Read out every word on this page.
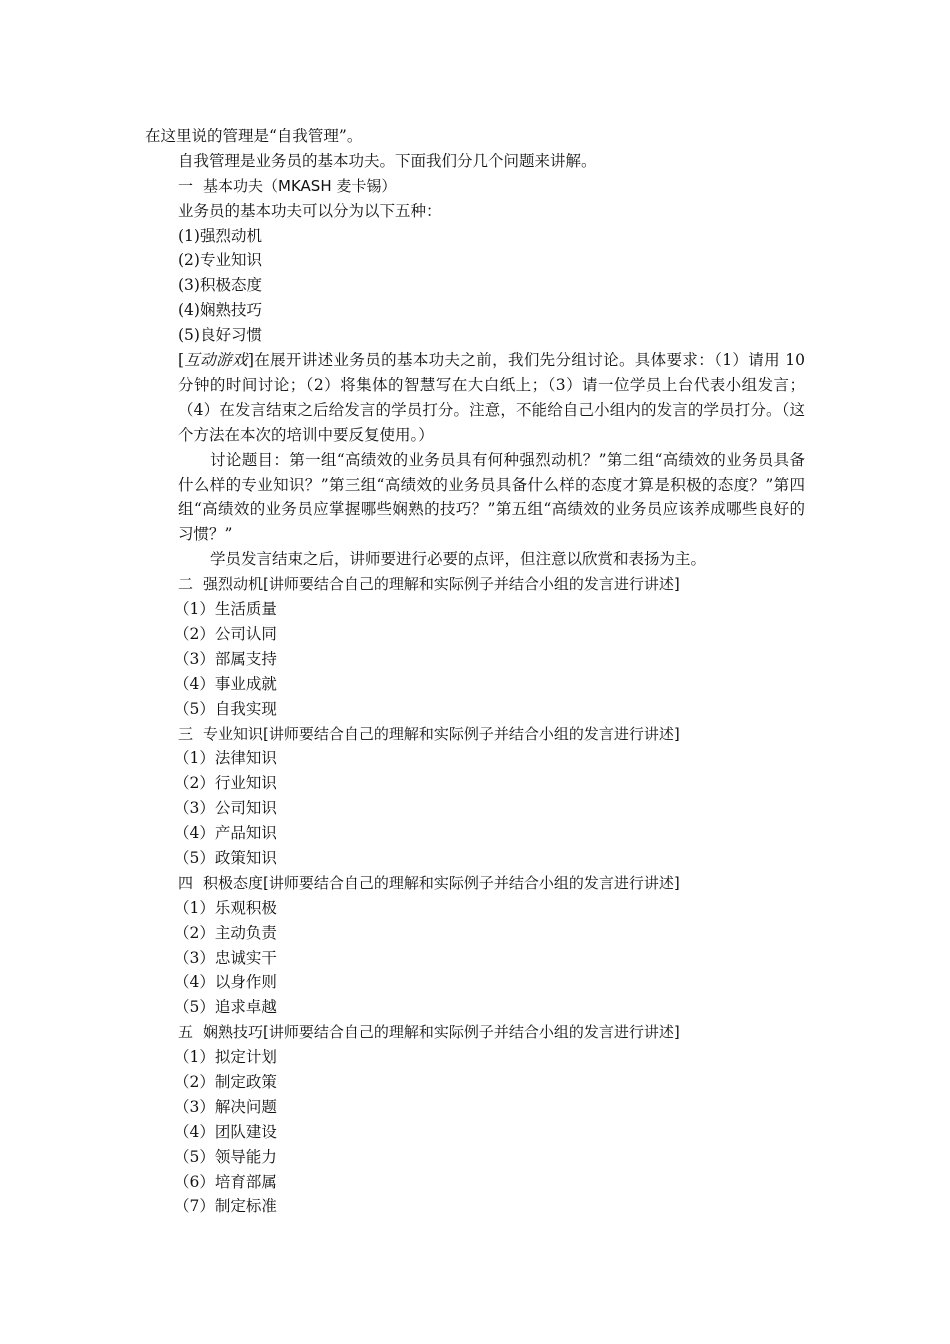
在这里说的管理是“自我管理”。
自我管理是业务员的基本功夫。下面我们分几个问题来讲解。
一 基本功夫（MKASH 麦卡锡）
业务员的基本功夫可以分为以下五种：
(1)强烈动机
(2)专业知识
(3)积极态度
(4)娴熟技巧
(5)良好习惯
[互动游戏]在展开讲述业务员的基本功夫之前，我们先分组讨论。具体要求：（1）请用 10 分钟的时间讨论；（2）将集体的智慧写在大白纸上；（3）请一位学员上台代表小组发言；（4）在发言结束之后给发言的学员打分。注意，不能给自己小组内的发言的学员打分。（这个方法在本次的培训中要反复使用。）
讨论题目：第一组“高绩效的业务员具有何种强烈动机？”第二组“高绩效的业务员具备什么样的专业知识？”第三组“高绩效的业务员具备什么样的态度才算是积极的态度？”第四组“高绩效的业务员应掌握哪些娴熟的技巧？”第五组“高绩效的业务员应该养成哪些良好的习惯？”
学员发言结束之后，讲师要进行必要的点评，但注意以欣赏和表扬为主。
二 强烈动机[讲师要结合自己的理解和实际例子并结合小组的发言进行讲述]
（1）生活质量
（2）公司认同
（3）部属支持
（4）事业成就
（5）自我实现
三 专业知识[讲师要结合自己的理解和实际例子并结合小组的发言进行讲述]
（1）法律知识
（2）行业知识
（3）公司知识
（4）产品知识
（5）政策知识
四 积极态度[讲师要结合自己的理解和实际例子并结合小组的发言进行讲述]
（1）乐观积极
（2）主动负责
（3）忠诚实干
（4）以身作则
（5）追求卓越
五 娴熟技巧[讲师要结合自己的理解和实际例子并结合小组的发言进行讲述]
（1）拟定计划
（2）制定政策
（3）解决问题
（4）团队建设
（5）领导能力
（6）培育部属
（7）制定标准
